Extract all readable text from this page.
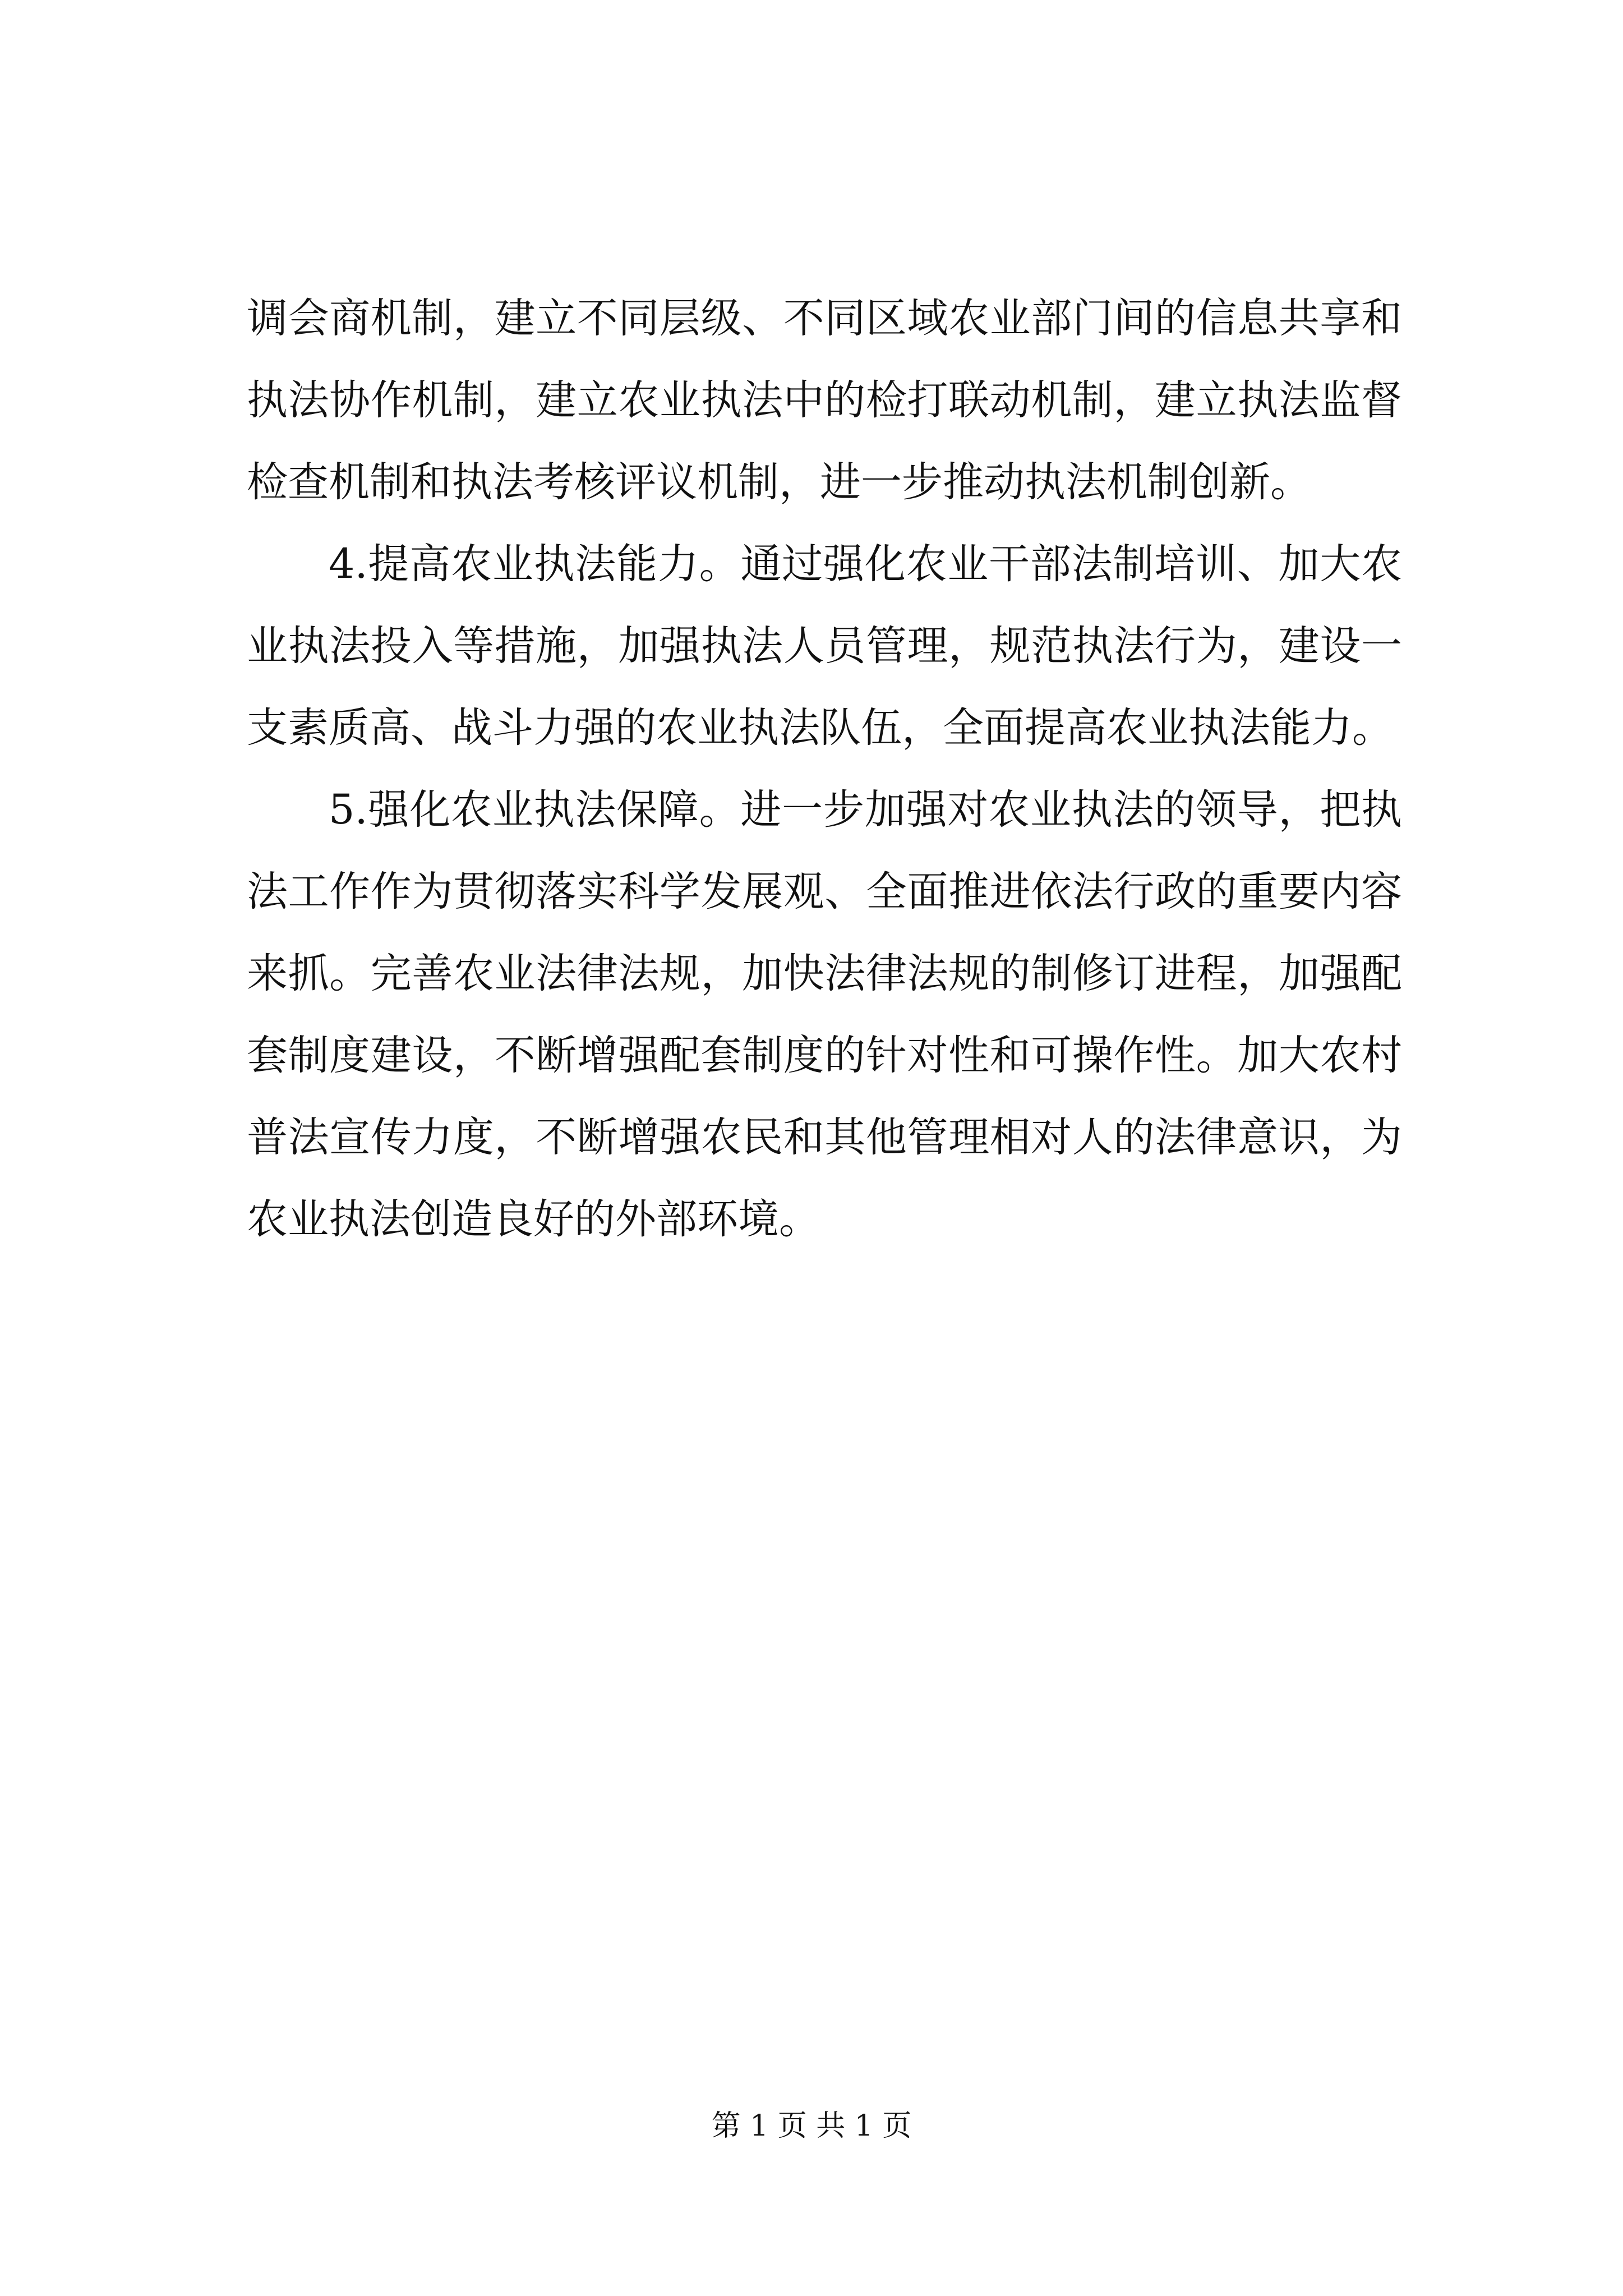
调会商机制，建立不同层级、不同区域农业部门间的信息共享和
执法协作机制，建立农业执法中的检打联动机制，建立执法监督
检查机制和执法考核评议机制，进一步推动执法机制创新。
4.提高农业执法能力。通过强化农业干部法制培训、加大农
业执法投入等措施，加强执法人员管理，规范执法行为，建设一
支素质高、战斗力强的农业执法队伍，全面提高农业执法能力。
5.强化农业执法保障。进一步加强对农业执法的领导，把执
法工作作为贯彻落实科学发展观、全面推进依法行政的重要内容
来抓。完善农业法律法规，加快法律法规的制修订进程，加强配
套制度建设，不断增强配套制度的针对性和可操作性。加大农村
普法宣传力度，不断增强农民和其他管理相对人的法律意识，为
农业执法创造良好的外部环境。
第 1 页 共 1 页
